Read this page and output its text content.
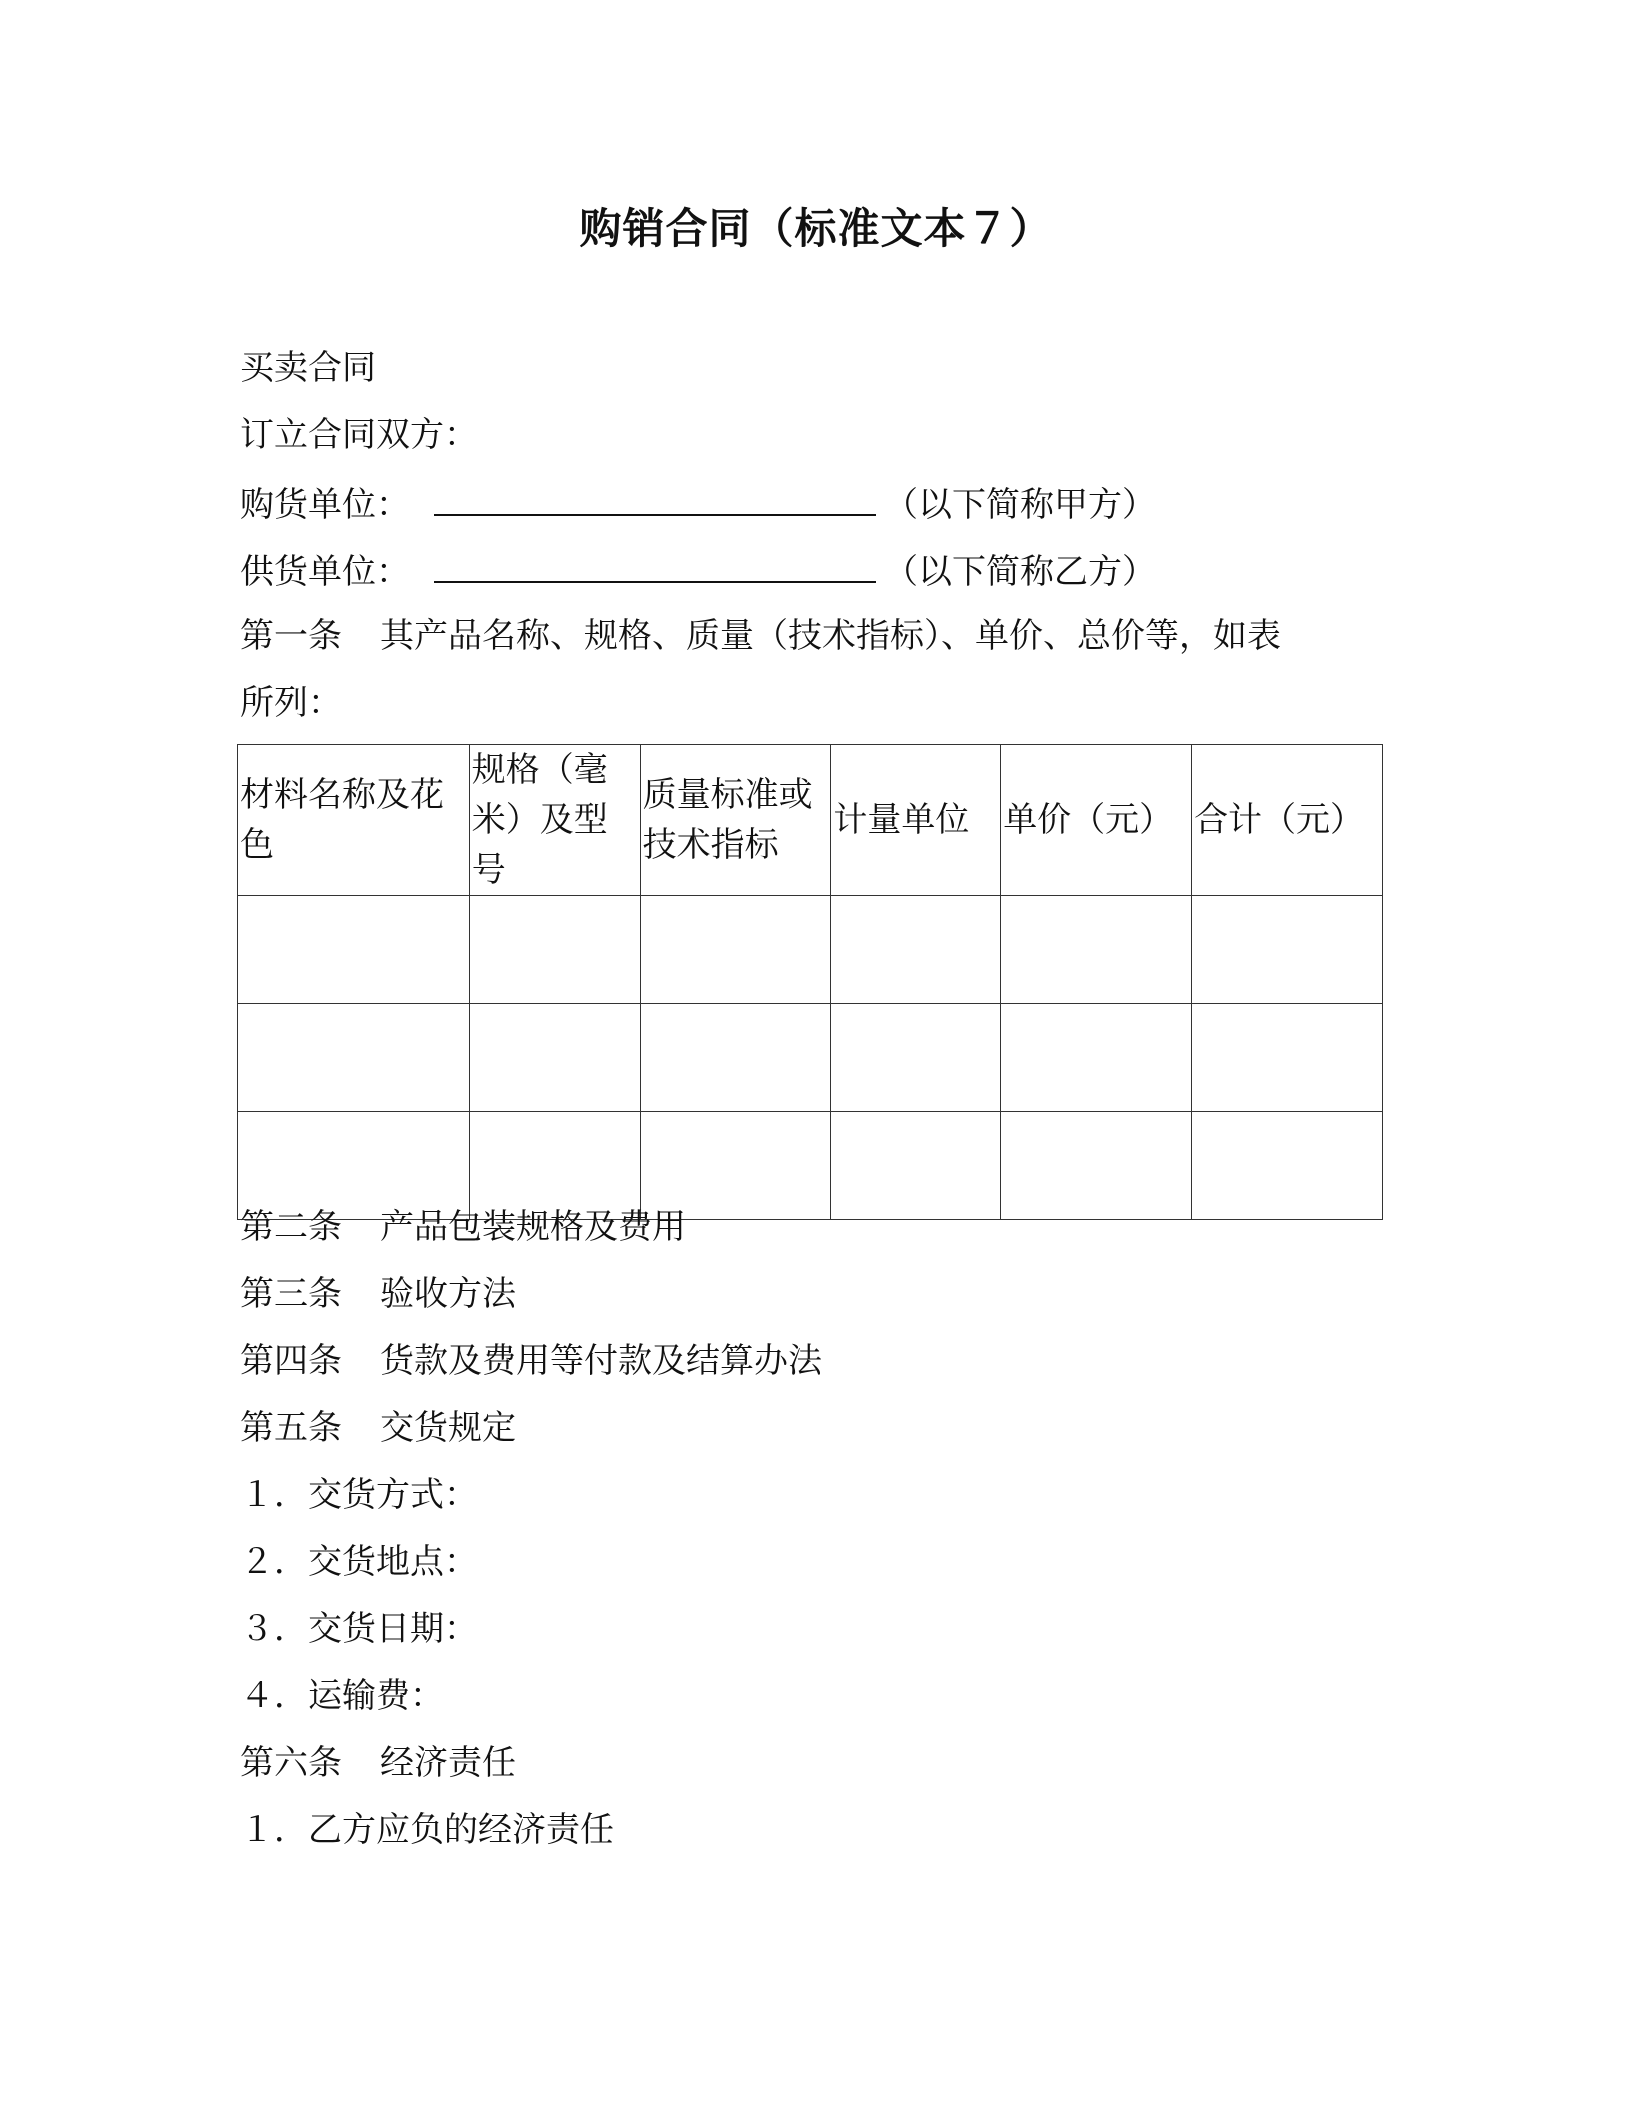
购销合同（标准文本７）
买卖合同
订立合同双方：
购货单位：	（以下简称甲方）
供货单位：	（以下简称乙方）
第一条 其产品名称、规格、质量（技术指标）、单价、总价等，如表
所列：
材料名称及花色	规格（毫米）及型号	质量标准或技术指标	计量单位	单价（元）	合计（元）

第二条 产品包装规格及费用
第三条 验收方法
第四条 货款及费用等付款及结算办法
第五条 交货规定
１．交货方式：
２．交货地点：
３．交货日期：
４．运输费：
第六条 经济责任
１．乙方应负的经济责任
